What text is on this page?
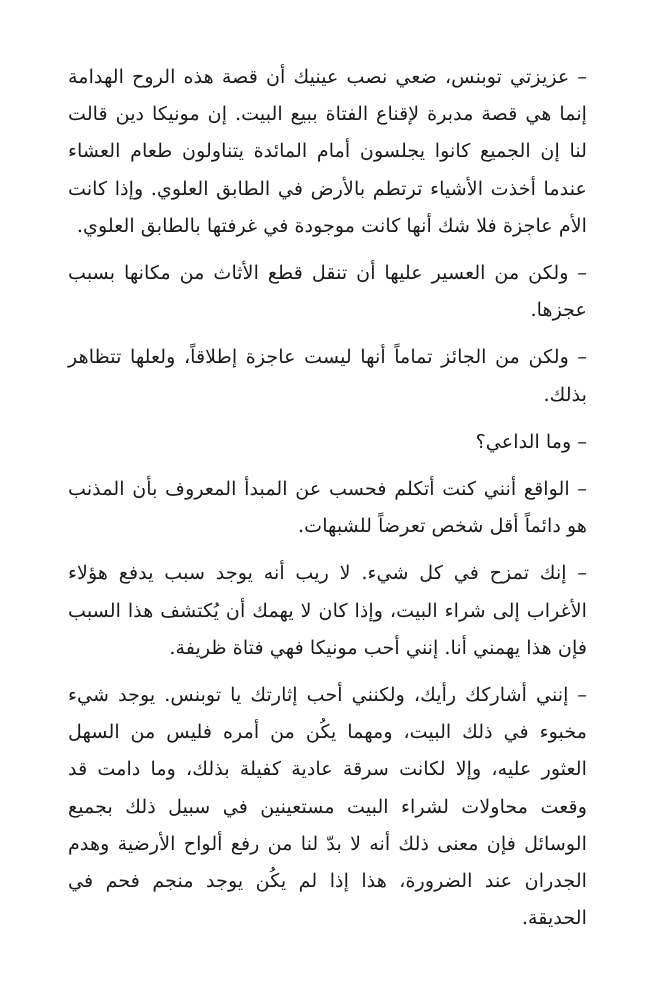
– عزيزتي توبنس، ضعي نصب عينيك أن قصة هذه الروح الهدامة إنما هي قصة مدبرة لإقناع الفتاة ببيع البيت. إن مونيكا دين قالت لنا إن الجميع كانوا يجلسون أمام المائدة يتناولون طعام العشاء عندما أخذت الأشياء ترتطم بالأرض في الطابق العلوي. وإذا كانت الأم عاجزة فلا شك أنها كانت موجودة في غرفتها بالطابق العلوي.

– ولكن من العسير عليها أن تنقل قطع الأثاث من مكانها بسبب عجزها.

– ولكن من الجائز تماماً أنها ليست عاجزة إطلاقاً، ولعلها تتظاهر بذلك.

– وما الداعي؟

– الواقع أنني كنت أتكلم فحسب عن المبدأ المعروف بأن المذنب هو دائماً أقل شخص تعرضاً للشبهات.

– إنك تمزح في كل شيء. لا ريب أنه يوجد سبب يدفع هؤلاء الأغراب إلى شراء البيت، وإذا كان لا يهمك أن يُكتشف هذا السبب فإن هذا يهمني أنا. إنني أحب مونيكا فهي فتاة ظريفة.

– إنني أشاركك رأيك، ولكنني أحب إثارتك يا توبنس. يوجد شيء مخبوء في ذلك البيت، ومهما يكُن من أمره فليس من السهل العثور عليه، وإلا لكانت سرقة عادية كفيلة بذلك، وما دامت قد وقعت محاولات لشراء البيت مستعينين في سبيل ذلك بجميع الوسائل فإن معنى ذلك أنه لا بدّ لنا من رفع ألواح الأرضية وهدم الجدران عند الضرورة، هذا إذا لم يكُن يوجد منجم فحم في الحديقة.
